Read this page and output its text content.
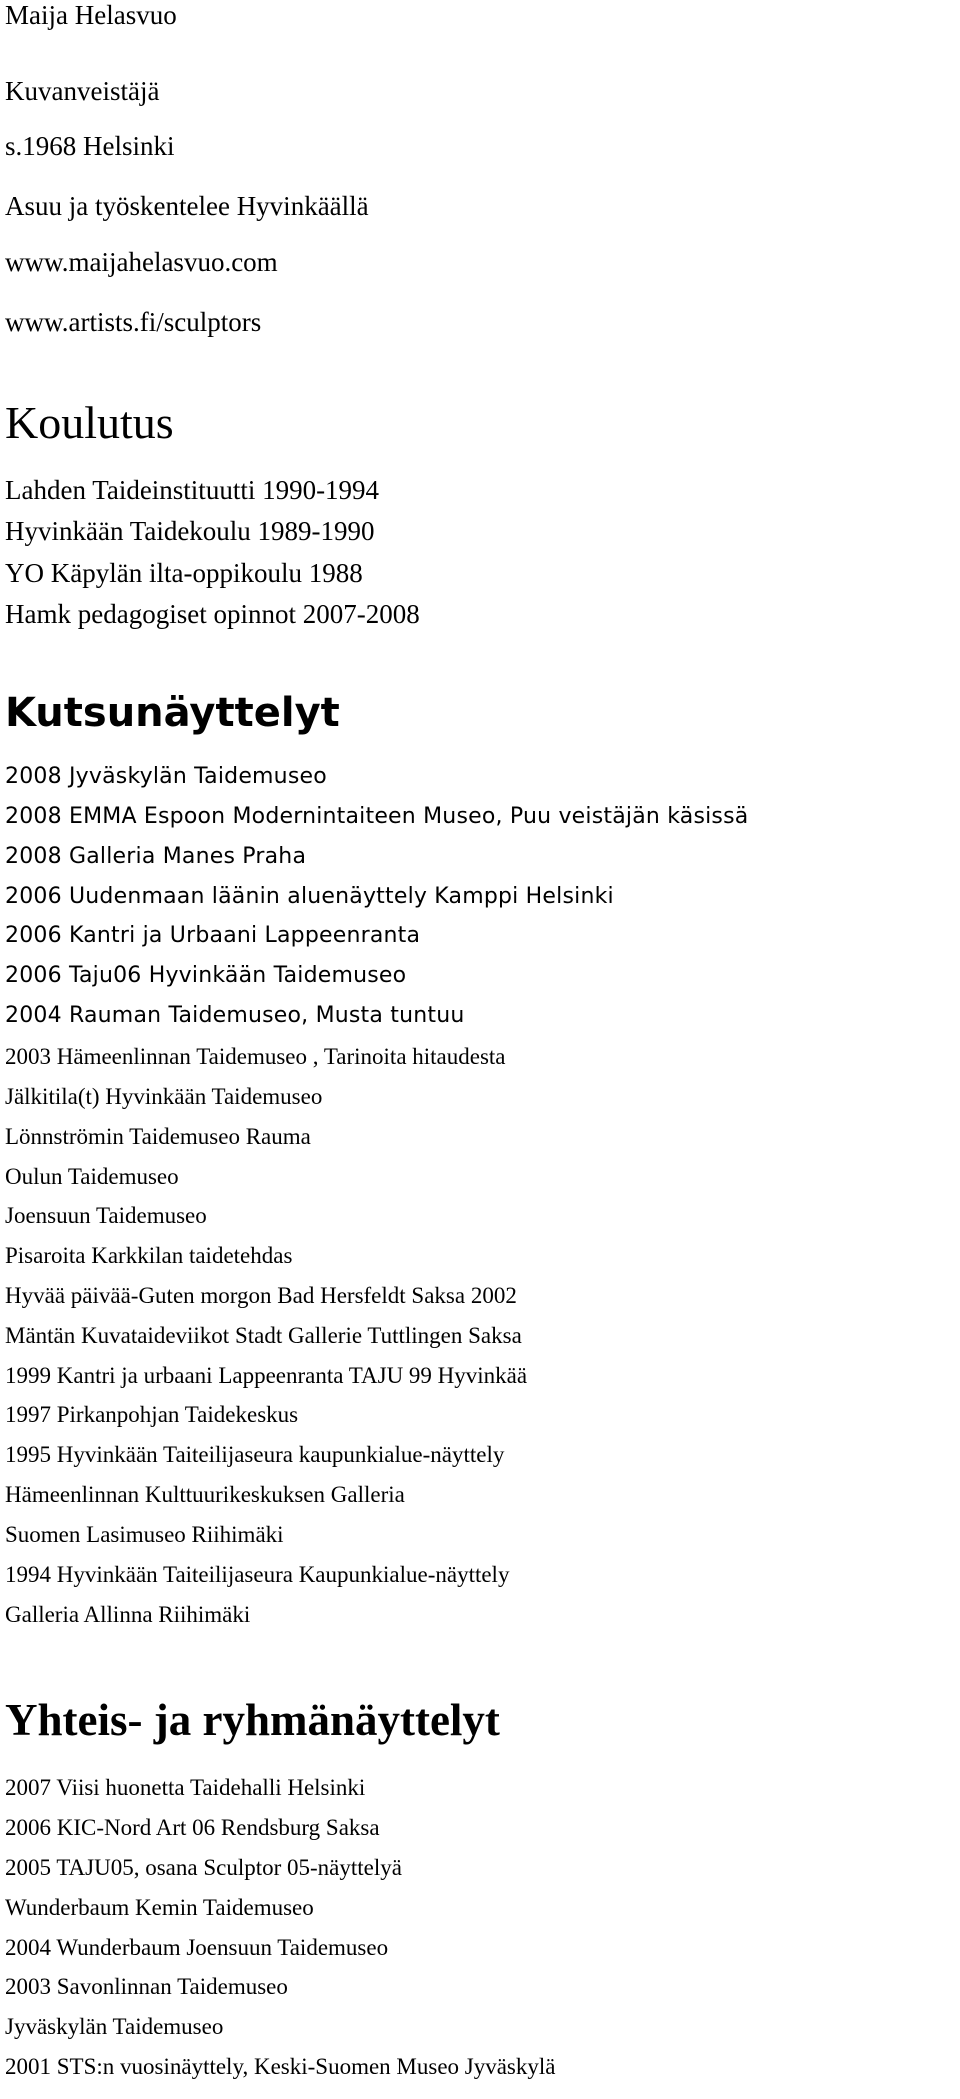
Maija Helasvuo
Kuvanveistäjä
s.1968 Helsinki
Asuu ja työskentelee Hyvinkäällä
www.maijahelasvuo.com
www.artists.fi/sculptors
Koulutus
Lahden Taideinstituutti 1990-1994
Hyvinkään Taidekoulu 1989-1990
YO Käpylän ilta-oppikoulu 1988
Hamk pedagogiset opinnot 2007-2008
Kutsunäyttelyt
2008 Jyväskylän Taidemuseo
2008 EMMA Espoon Modernintaiteen Museo, Puu veistäjän käsissä
2008 Galleria Manes Praha
2006 Uudenmaan läänin aluenäyttely Kamppi Helsinki
2006 Kantri ja Urbaani Lappeenranta
2006 Taju06 Hyvinkään Taidemuseo
2004 Rauman Taidemuseo, Musta tuntuu
2003 Hämeenlinnan Taidemuseo , Tarinoita hitaudesta
Jälkitila(t) Hyvinkään Taidemuseo
Lönnströmin Taidemuseo Rauma
Oulun Taidemuseo
Joensuun Taidemuseo
Pisaroita Karkkilan taidetehdas
Hyvää päivää-Guten morgon Bad Hersfeldt Saksa 2002
Mäntän Kuvataideviikot Stadt Gallerie Tuttlingen Saksa
1999 Kantri ja urbaani Lappeenranta TAJU 99 Hyvinkää
1997 Pirkanpohjan Taidekeskus
1995 Hyvinkään Taiteilijaseura kaupunkialue-näyttely
Hämeenlinnan Kulttuurikeskuksen Galleria
Suomen Lasimuseo Riihimäki
1994 Hyvinkään Taiteilijaseura Kaupunkialue-näyttely
Galleria Allinna Riihimäki
Yhteis- ja ryhmänäyttelyt
2007 Viisi huonetta Taidehalli Helsinki
2006 KIC-Nord Art 06 Rendsburg Saksa
2005 TAJU05, osana Sculptor 05-näyttelyä
Wunderbaum Kemin Taidemuseo
2004 Wunderbaum Joensuun Taidemuseo
2003 Savonlinnan Taidemuseo
Jyväskylän Taidemuseo
2001 STS:n vuosinäyttely, Keski-Suomen Museo Jyväskylä
